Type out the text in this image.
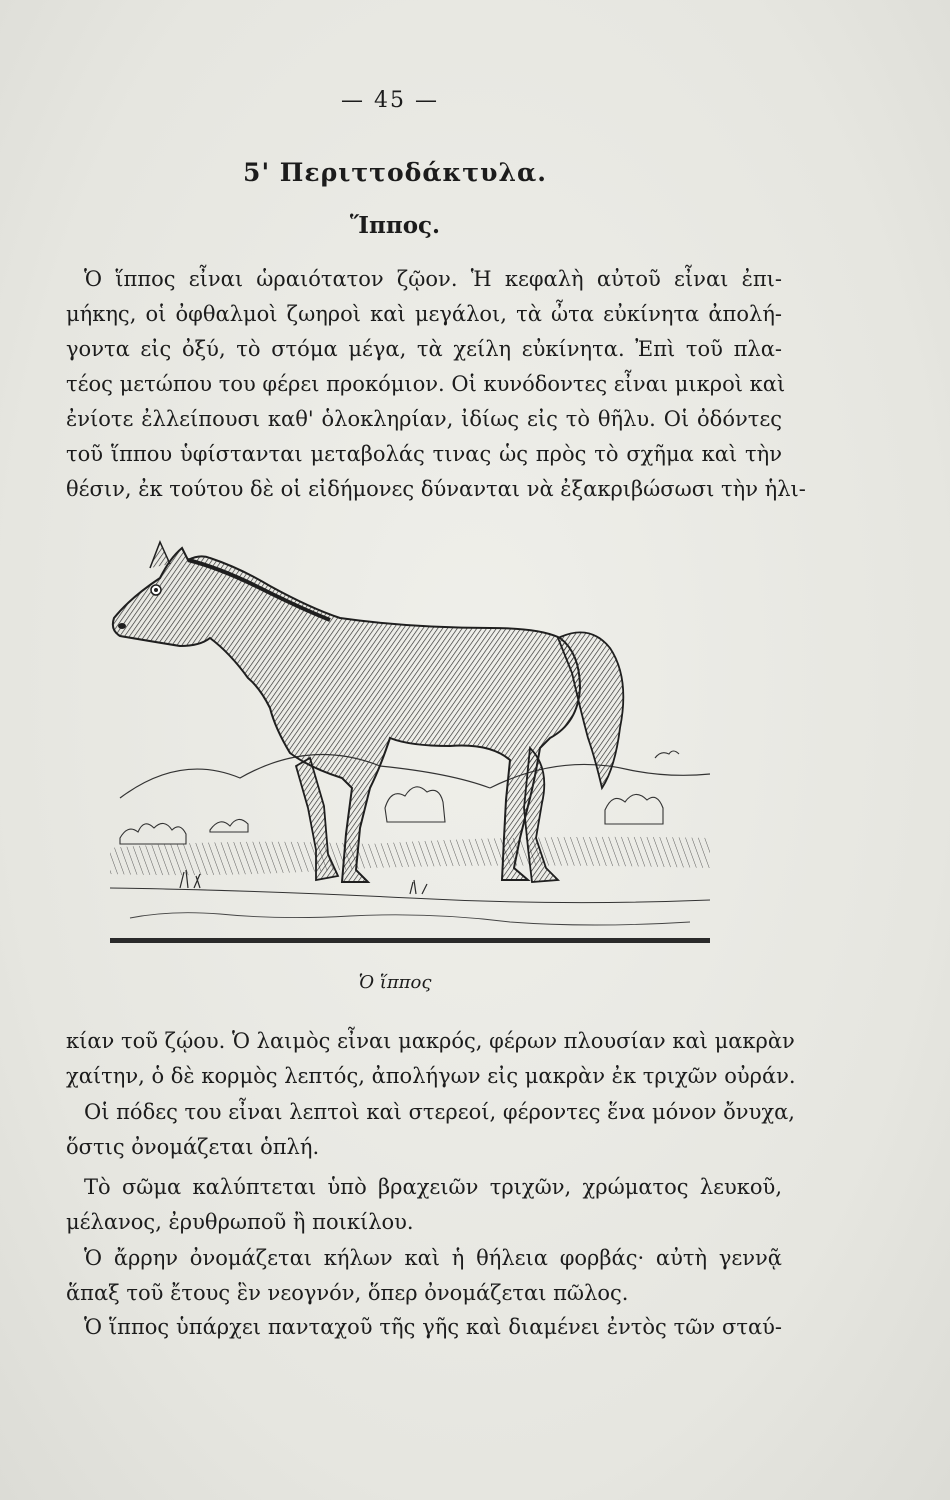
— 45 —
5' Περιττοδάκτυλα.
Ἵππος.
Ὁ ἵππος εἶναι ὡραιότατον ζῷον. Ἡ κεφαλὴ αὐτοῦ εἶναι ἐπι-
μήκης, οἱ ὀφθαλμοὶ ζωηροὶ καὶ μεγάλοι, τὰ ὦτα εὐκίνητα ἀπολή-
γοντα εἰς ὀξύ, τὸ στόμα μέγα, τὰ χείλη εὐκίνητα. Ἐπὶ τοῦ πλα-
τέος μετώπου του φέρει προκόμιον. Οἱ κυνόδοντες εἶναι μικροὶ καὶ
ἐνίοτε ἐλλείπουσι καθ' ὁλοκληρίαν, ἰδίως εἰς τὸ θῆλυ. Οἱ ὀδόντες
τοῦ ἵππου ὑφίστανται μεταβολάς τινας ὡς πρὸς τὸ σχῆμα καὶ τὴν
θέσιν, ἐκ τούτου δὲ οἱ εἰδήμονες δύνανται νὰ ἐξακριβώσωσι τὴν ἡλι-
Ὁ ἵππος
κίαν τοῦ ζῴου. Ὁ λαιμὸς εἶναι μακρός, φέρων πλουσίαν καὶ μακρὰν
χαίτην, ὁ δὲ κορμὸς λεπτός, ἀπολήγων εἰς μακρὰν ἐκ τριχῶν οὐράν.
Οἱ πόδες του εἶναι λεπτοὶ καὶ στερεοί, φέροντες ἕνα μόνον ὄνυχα,
ὅστις ὀνομάζεται ὁπλή.
Τὸ σῶμα καλύπτεται ὑπὸ βραχειῶν τριχῶν, χρώματος λευκοῦ,
μέλανος, ἐρυθρωποῦ ἢ ποικίλου.
Ὁ ἄρρην ὀνομάζεται κήλων καὶ ἡ θήλεια φορβάς· αὐτὴ γεννᾷ
ἅπαξ τοῦ ἔτους ἓν νεογνόν, ὅπερ ὀνομάζεται πῶλος.
Ὁ ἵππος ὑπάρχει πανταχοῦ τῆς γῆς καὶ διαμένει ἐντὸς τῶν σταύ-
